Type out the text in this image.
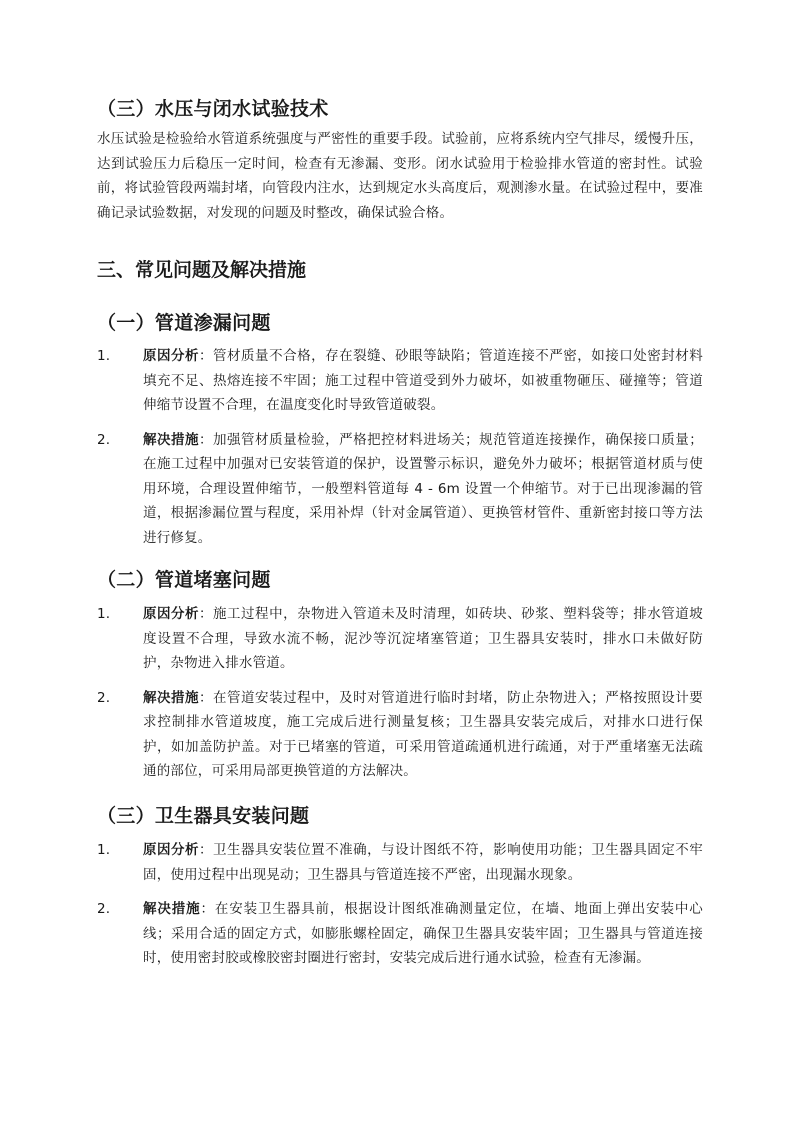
（三）水压与闭水试验技术

水压试验是检验给水管道系统强度与严密性的重要手段。试验前，应将系统内空气排尽，缓慢升压，达到试验压力后稳压一定时间，检查有无渗漏、变形。闭水试验用于检验排水管道的密封性。试验前，将试验管段两端封堵，向管段内注水，达到规定水头高度后，观测渗水量。在试验过程中，要准确记录试验数据，对发现的问题及时整改，确保试验合格。

三、常见问题及解决措施
（一）管道渗漏问题
1.	原因分析：管材质量不合格，存在裂缝、砂眼等缺陷；管道连接不严密，如接口处密封材料填充不足、热熔连接不牢固；施工过程中管道受到外力破坏，如被重物砸压、碰撞等；管道伸缩节设置不合理，在温度变化时导致管道破裂。
2.	解决措施：加强管材质量检验，严格把控材料进场关；规范管道连接操作，确保接口质量；在施工过程中加强对已安装管道的保护，设置警示标识，避免外力破坏；根据管道材质与使用环境，合理设置伸缩节，一般塑料管道每 4 - 6m 设置一个伸缩节。对于已出现渗漏的管道，根据渗漏位置与程度，采用补焊（针对金属管道）、更换管材管件、重新密封接口等方法进行修复。
（二）管道堵塞问题
1.	原因分析：施工过程中，杂物进入管道未及时清理，如砖块、砂浆、塑料袋等；排水管道坡度设置不合理，导致水流不畅，泥沙等沉淀堵塞管道；卫生器具安装时，排水口未做好防护，杂物进入排水管道。
2.	解决措施：在管道安装过程中，及时对管道进行临时封堵，防止杂物进入；严格按照设计要求控制排水管道坡度，施工完成后进行测量复核；卫生器具安装完成后，对排水口进行保护，如加盖防护盖。对于已堵塞的管道，可采用管道疏通机进行疏通，对于严重堵塞无法疏通的部位，可采用局部更换管道的方法解决。
（三）卫生器具安装问题
1.	原因分析：卫生器具安装位置不准确，与设计图纸不符，影响使用功能；卫生器具固定不牢固，使用过程中出现晃动；卫生器具与管道连接不严密，出现漏水现象。
2.	解决措施：在安装卫生器具前，根据设计图纸准确测量定位，在墙、地面上弹出安装中心线；采用合适的固定方式，如膨胀螺栓固定，确保卫生器具安装牢固；卫生器具与管道连接时，使用密封胶或橡胶密封圈进行密封，安装完成后进行通水试验，检查有无渗漏。
